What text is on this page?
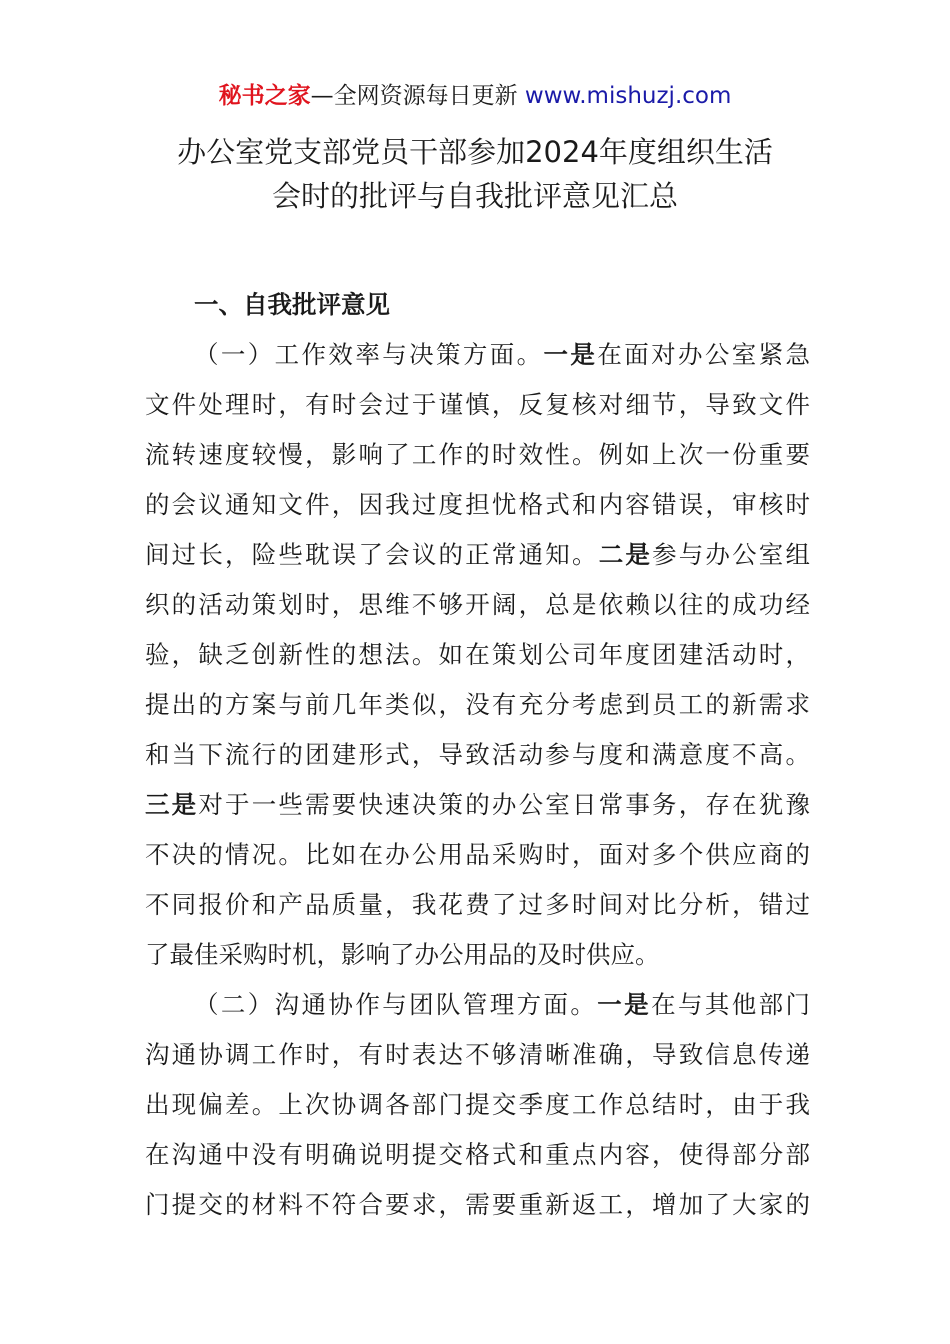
秘书之家—全网资源每日更新 www.mishuzj.com
办公室党支部党员干部参加2024年度组织生活
会时的批评与自我批评意见汇总
一、自我批评意见
（一）工作效率与决策方面。一是在面对办公室紧急
文件处理时，有时会过于谨慎，反复核对细节，导致文件
流转速度较慢，影响了工作的时效性。例如上次一份重要
的会议通知文件，因我过度担忧格式和内容错误，审核时
间过长，险些耽误了会议的正常通知。二是参与办公室组
织的活动策划时，思维不够开阔，总是依赖以往的成功经
验，缺乏创新性的想法。如在策划公司年度团建活动时，
提出的方案与前几年类似，没有充分考虑到员工的新需求
和当下流行的团建形式，导致活动参与度和满意度不高。
三是对于一些需要快速决策的办公室日常事务，存在犹豫
不决的情况。比如在办公用品采购时，面对多个供应商的
不同报价和产品质量，我花费了过多时间对比分析，错过
了最佳采购时机，影响了办公用品的及时供应。
（二）沟通协作与团队管理方面。一是在与其他部门
沟通协调工作时，有时表达不够清晰准确，导致信息传递
出现偏差。上次协调各部门提交季度工作总结时，由于我
在沟通中没有明确说明提交格式和重点内容，使得部分部
门提交的材料不符合要求，需要重新返工，增加了大家的
